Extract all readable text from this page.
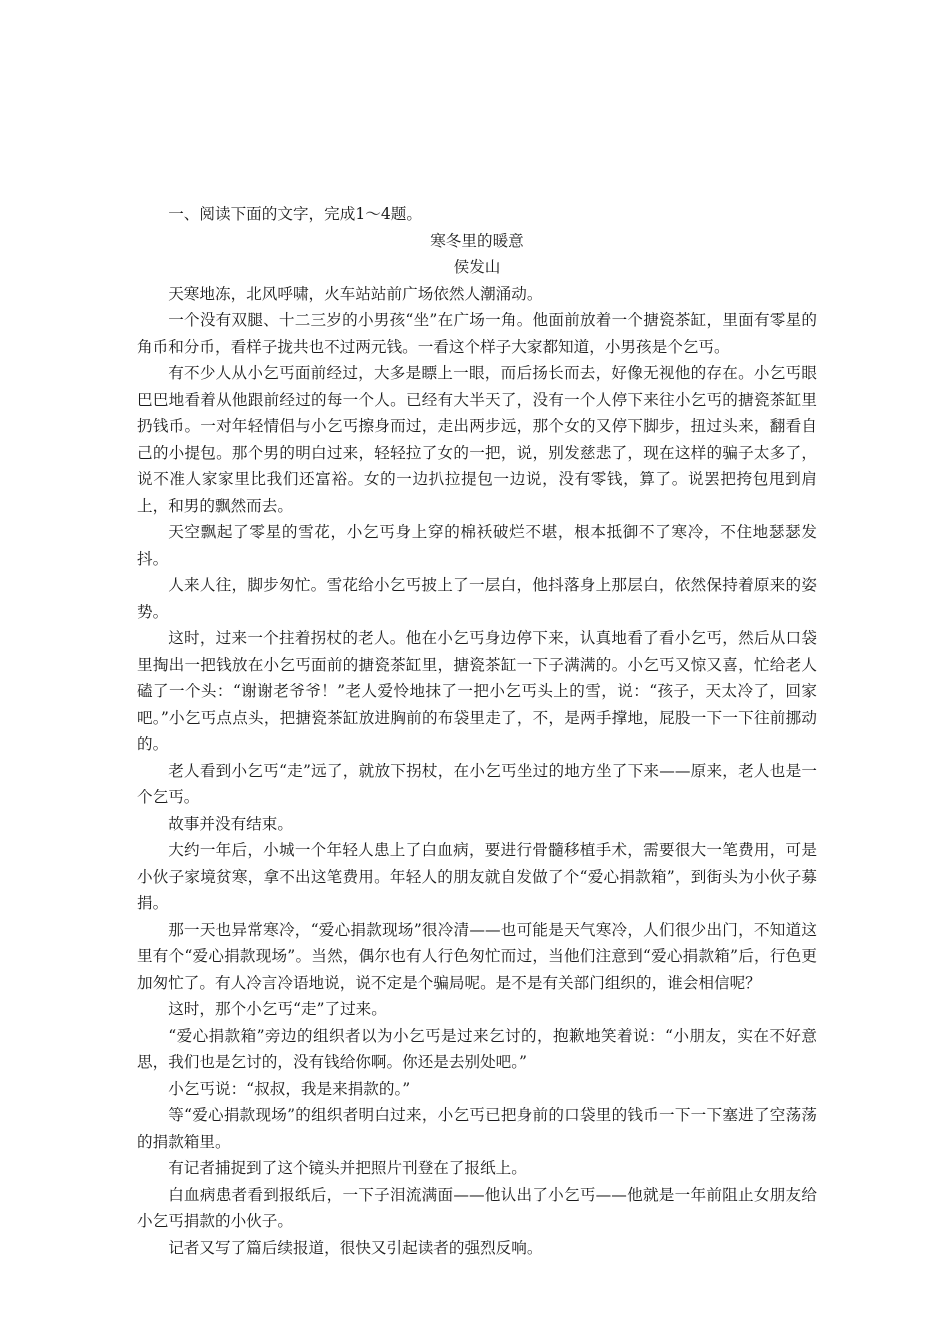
一、阅读下面的文字，完成1～4题。

寒冬里的暖意

侯发山

天寒地冻，北风呼啸，火车站站前广场依然人潮涌动。

一个没有双腿、十二三岁的小男孩“坐”在广场一角。他面前放着一个搪瓷茶缸，里面有零星的角币和分币，看样子拢共也不过两元钱。一看这个样子大家都知道，小男孩是个乞丐。

有不少人从小乞丐面前经过，大多是瞟上一眼，而后扬长而去，好像无视他的存在。小乞丐眼巴巴地看着从他跟前经过的每一个人。已经有大半天了，没有一个人停下来往小乞丐的搪瓷茶缸里扔钱币。一对年轻情侣与小乞丐擦身而过，走出两步远，那个女的又停下脚步，扭过头来，翻看自己的小提包。那个男的明白过来，轻轻拉了女的一把，说，别发慈悲了，现在这样的骗子太多了，说不准人家家里比我们还富裕。女的一边扒拉提包一边说，没有零钱，算了。说罢把挎包甩到肩上，和男的飘然而去。

天空飘起了零星的雪花，小乞丐身上穿的棉袄破烂不堪，根本抵御不了寒冷，不住地瑟瑟发抖。

人来人往，脚步匆忙。雪花给小乞丐披上了一层白，他抖落身上那层白，依然保持着原来的姿势。

这时，过来一个拄着拐杖的老人。他在小乞丐身边停下来，认真地看了看小乞丐，然后从口袋里掏出一把钱放在小乞丐面前的搪瓷茶缸里，搪瓷茶缸一下子满满的。小乞丐又惊又喜，忙给老人磕了一个头：“谢谢老爷爷！”老人爱怜地抹了一把小乞丐头上的雪，说：“孩子，天太冷了，回家吧。”小乞丐点点头，把搪瓷茶缸放进胸前的布袋里走了，不，是两手撑地，屁股一下一下往前挪动的。

老人看到小乞丐“走”远了，就放下拐杖，在小乞丐坐过的地方坐了下来——原来，老人也是一个乞丐。

故事并没有结束。

大约一年后，小城一个年轻人患上了白血病，要进行骨髓移植手术，需要很大一笔费用，可是小伙子家境贫寒，拿不出这笔费用。年轻人的朋友就自发做了个“爱心捐款箱”，到街头为小伙子募捐。

那一天也异常寒冷，“爱心捐款现场”很冷清——也可能是天气寒冷，人们很少出门，不知道这里有个“爱心捐款现场”。当然，偶尔也有人行色匆忙而过，当他们注意到“爱心捐款箱”后，行色更加匆忙了。有人冷言冷语地说，说不定是个骗局呢。是不是有关部门组织的，谁会相信呢？

这时，那个小乞丐“走”了过来。

“爱心捐款箱”旁边的组织者以为小乞丐是过来乞讨的，抱歉地笑着说：“小朋友，实在不好意思，我们也是乞讨的，没有钱给你啊。你还是去别处吧。”

小乞丐说：“叔叔，我是来捐款的。”

等“爱心捐款现场”的组织者明白过来，小乞丐已把身前的口袋里的钱币一下一下塞进了空荡荡的捐款箱里。

有记者捕捉到了这个镜头并把照片刊登在了报纸上。

白血病患者看到报纸后，一下子泪流满面——他认出了小乞丐——他就是一年前阻止女朋友给小乞丐捐款的小伙子。

记者又写了篇后续报道，很快又引起读者的强烈反响。
